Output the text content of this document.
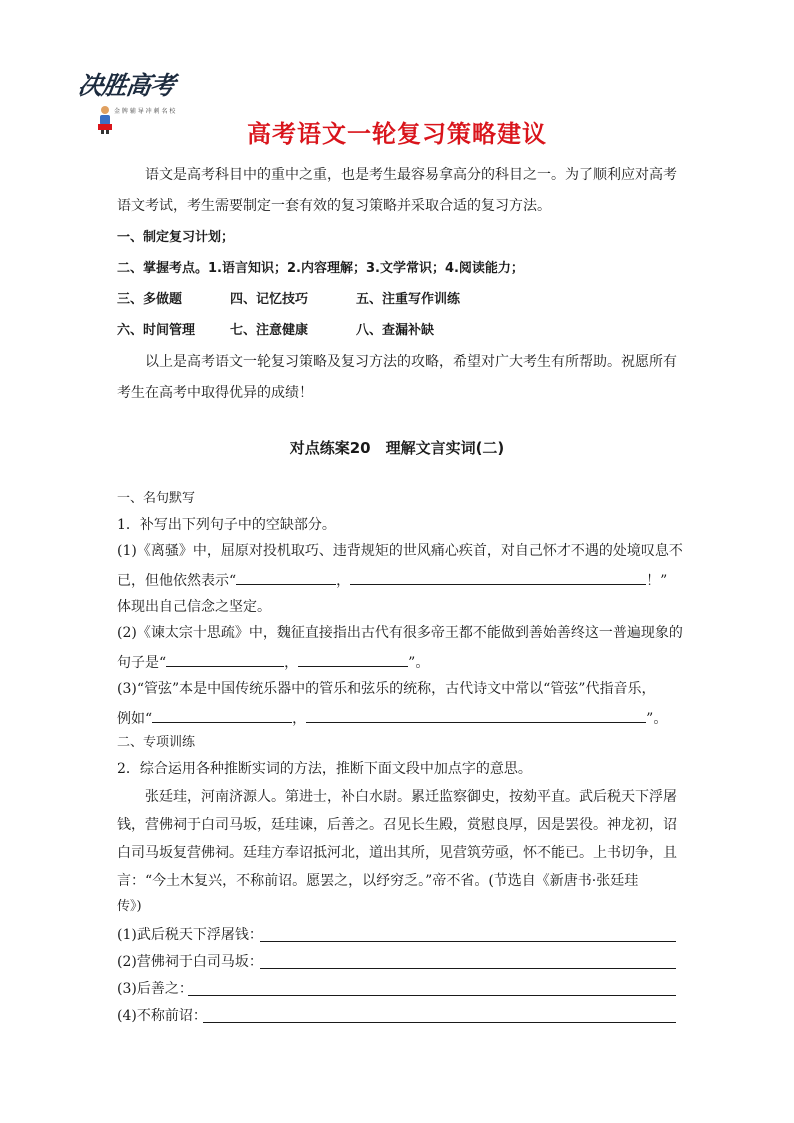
决胜高考
金 牌 辅 导 冲 刺 名 校
高考语文一轮复习策略建议
语文是高考科目中的重中之重，也是考生最容易拿高分的科目之一。为了顺利应对高考
语文考试，考生需要制定一套有效的复习策略并采取合适的复习方法。
一、制定复习计划；
二、掌握考点。1.语言知识；2.内容理解；3.文学常识；4.阅读能力；
三、多做题	四、记忆技巧	五、注重写作训练
六、时间管理	七、注意健康	八、查漏补缺
以上是高考语文一轮复习策略及复习方法的攻略，希望对广大考生有所帮助。祝愿所有
考生在高考中取得优异的成绩！
对点练案20　理解文言实词(二)
一、名句默写
1．补写出下列句子中的空缺部分。
(1)《离骚》中，屈原对投机取巧、违背规矩的世风痛心疾首，对自己怀才不遇的处境叹息不
已，但他依然表示“	，	！”
体现出自己信念之坚定。
(2)《谏太宗十思疏》中，魏征直接指出古代有很多帝王都不能做到善始善终这一普遍现象的
句子是“	，	”。
(3)“管弦”本是中国传统乐器中的管乐和弦乐的统称，古代诗文中常以“管弦”代指音乐，
例如“	，	”。
二、专项训练
2．综合运用各种推断实词的方法，推断下面文段中加点字的意思。
张廷珪，河南济源人。第进士，补白水尉。累迁监察御史，按劾平直。武后税天下浮屠
钱，营佛祠于白司马坂，廷珪谏，后善之。召见长生殿，赏慰良厚，因是罢役。神龙初，诏
白司马坂复营佛祠。廷珪方奉诏抵河北，道出其所，见营筑劳亟，怀不能已。上书切争，且
言：“今土木复兴，不称前诏。愿罢之，以纾穷乏。”帝不省。(节选自《新唐书·张廷珪
传》)
(1)武后税天下浮屠钱：
(2)营佛祠于白司马坂：
(3)后善之：
(4)不称前诏：
